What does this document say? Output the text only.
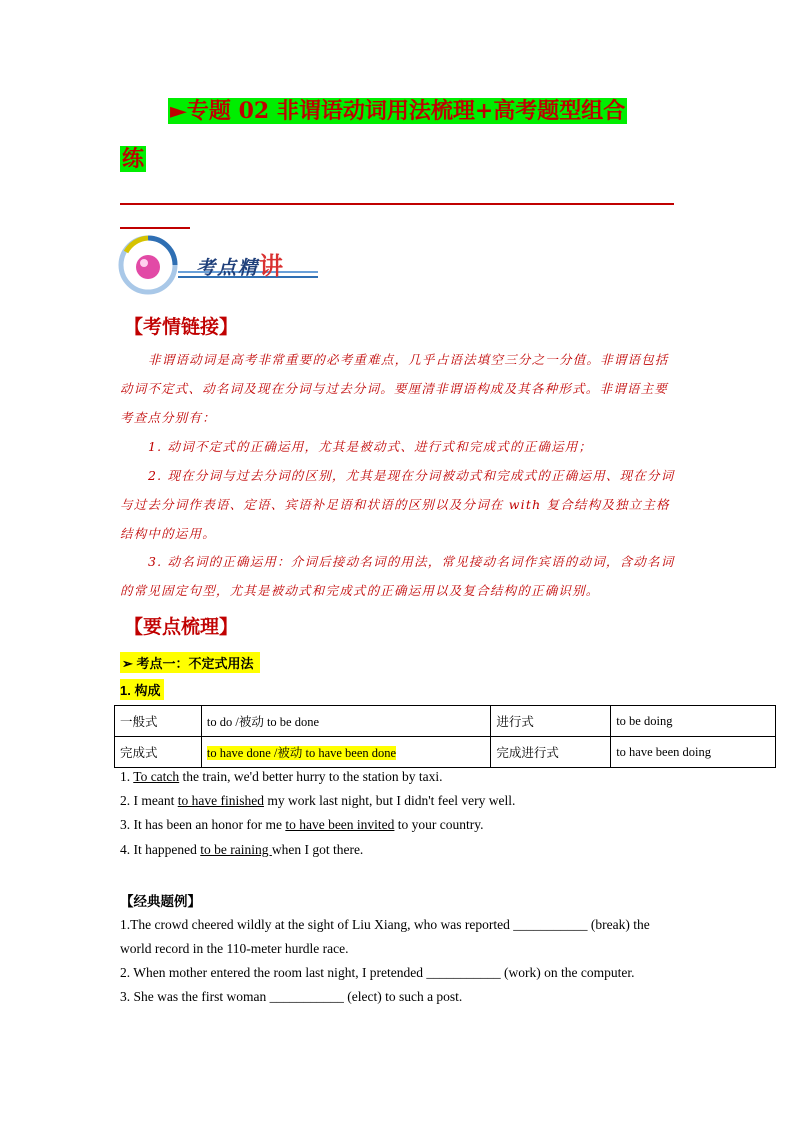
►专题 02 非谓语动词用法梳理+高考题型组合
练
考点精讲
【考情链接】
非谓语动词是高考非常重要的必考重难点，几乎占语法填空三分之一分值。非谓语包括动词不定式、动名词及现在分词与过去分词。要厘清非谓语构成及其各种形式。非谓语主要考查点分别有：
1. 动词不定式的正确运用，尤其是被动式、进行式和完成式的正确运用；
2. 现在分词与过去分词的区别，尤其是现在分词被动式和完成式的正确运用、现在分词与过去分词作表语、定语、宾语补足语和状语的区别以及分词在 with 复合结构及独立主格结构中的运用。
3. 动名词的正确运用：介词后接动名词的用法，常见接动名词作宾语的动词，含动名词的常见固定句型，尤其是被动式和完成式的正确运用以及复合结构的正确识别。
【要点梳理】
➢ 考点一：不定式用法
1. 构成
一般式	to do /被动 to be done	进行式	to be doing
完成式	to have done /被动 to have been done	完成进行式	to have been doing
1. To catch the train, we'd better hurry to the station by taxi.
2. I meant to have finished my work last night, but I didn't feel very well.
3. It has been an honor for me to have been invited to your country.
4. It happened to be raining when I got there.
【经典题例】
1.The crowd cheered wildly at the sight of Liu Xiang, who was reported ___________ (break) the
world record in the 110-meter hurdle race.
2. When mother entered the room last night, I pretended ___________ (work) on the computer.
3. She was the first woman ___________ (elect) to such a post.
